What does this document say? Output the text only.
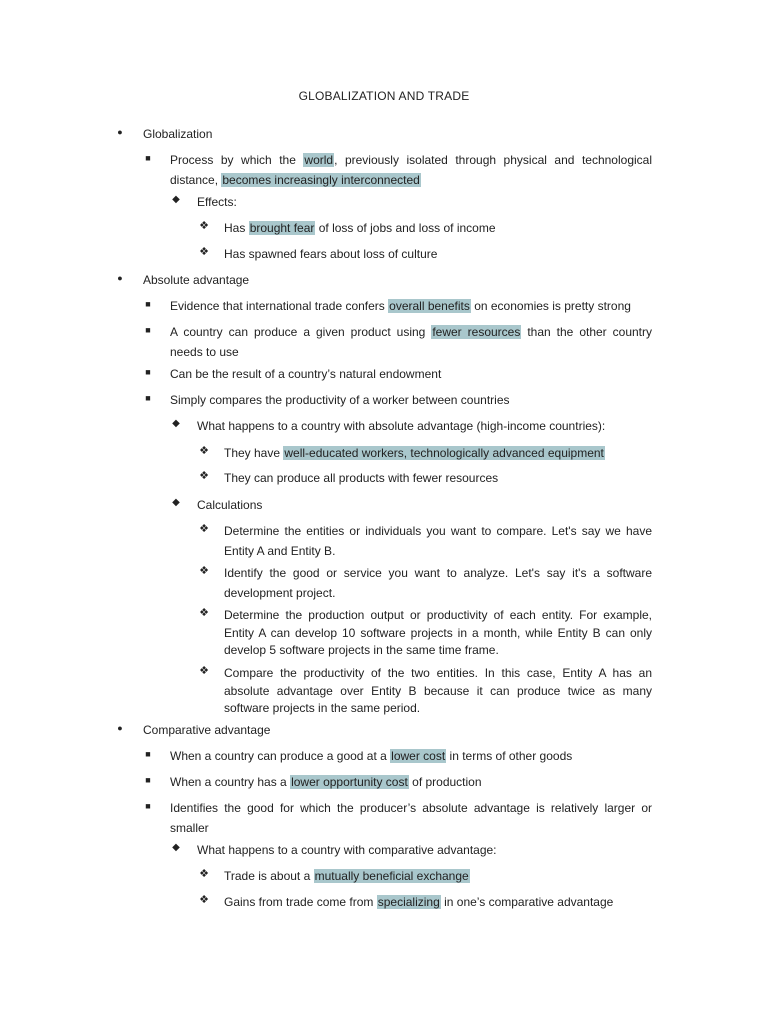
GLOBALIZATION AND TRADE
●	Globalization
■	Process by which the world, previously isolated through physical and technological
distance, becomes increasingly interconnected
◆	Effects:
❖ Has brought fear of loss of jobs and loss of income
❖ Has spawned fears about loss of culture
●	Absolute advantage
■	Evidence that international trade confers overall benefits on economies is pretty strong
■	A country can produce a given product using fewer resources than the other country
needs to use
■	Can be the result of a country’s natural endowment
■	Simply compares the productivity of a worker between countries
◆	What happens to a country with absolute advantage (high-income countries):
❖ They have well-educated workers, technologically advanced equipment
❖ They can produce all products with fewer resources
◆	Calculations
❖ Determine the entities or individuals you want to compare. Let's say we have
Entity A and Entity B.
❖ Identify the good or service you want to analyze. Let's say it's a software
development project.
❖ Determine the production output or productivity of each entity. For example,
Entity A can develop 10 software projects in a month, while Entity B can only
develop 5 software projects in the same time frame.
❖ Compare the productivity of the two entities. In this case, Entity A has an
absolute advantage over Entity B because it can produce twice as many
software projects in the same period.
●	Comparative advantage
■	When a country can produce a good at a lower cost in terms of other goods
■	When a country has a lower opportunity cost of production
■	Identifies the good for which the producer’s absolute advantage is relatively larger or
smaller
◆	What happens to a country with comparative advantage:
❖ Trade is about a mutually beneficial exchange
❖ Gains from trade come from specializing in one’s comparative advantage
